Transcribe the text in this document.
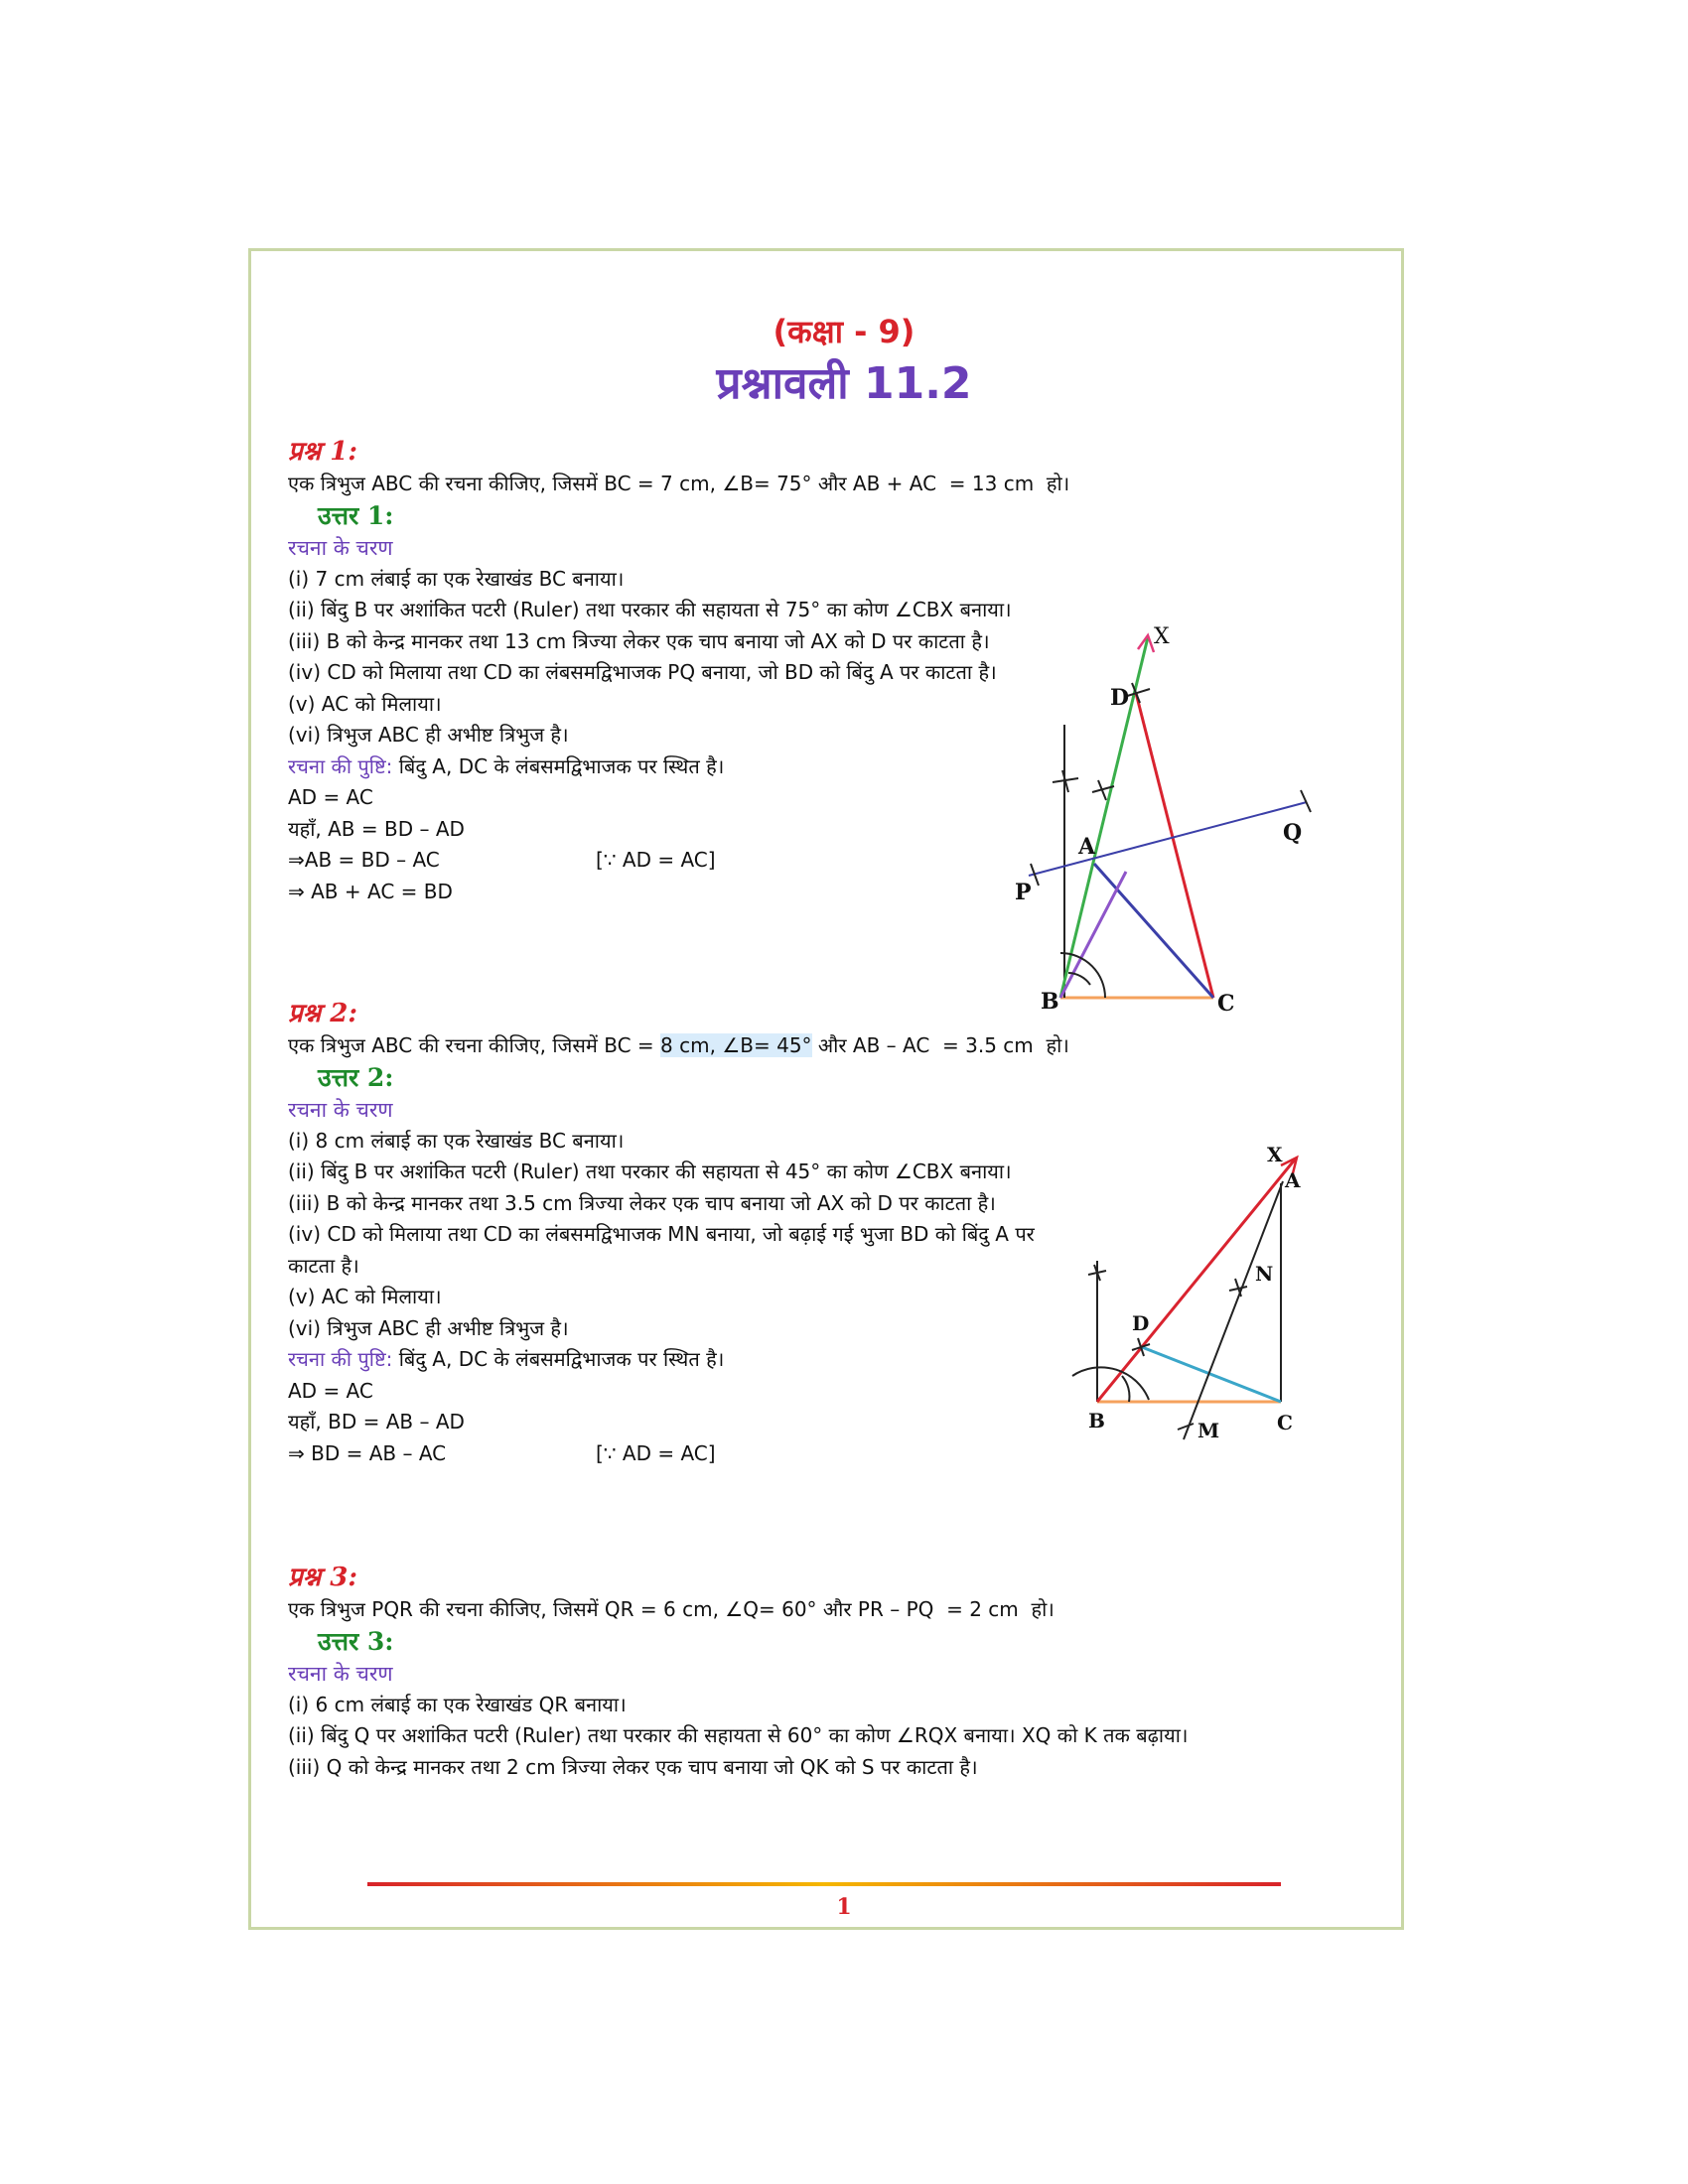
(कक्षा - 9)
प्रश्नावली 11.2
प्रश्न 1:
एक त्रिभुज ABC की रचना कीजिए, जिसमें BC = 7 cm, ∠B= 75° और AB + AC  = 13 cm  हो।
उत्तर 1:
रचना के चरण
(i) 7 cm लंबाई का एक रेखाखंड BC बनाया।
(ii) बिंदु B पर अशांकित पटरी (Ruler) तथा परकार की सहायता से 75° का कोण ∠CBX बनाया।
(iii) B को केन्द्र मानकर तथा 13 cm त्रिज्या लेकर एक चाप बनाया जो AX को D पर काटता है।
(iv) CD को मिलाया तथा CD का लंबसमद्विभाजक PQ बनाया, जो BD को बिंदु A पर काटता है।
(v) AC को मिलाया।
(vi) त्रिभुज ABC ही अभीष्ट त्रिभुज है।
रचना की पुष्टि: बिंदु A, DC के लंबसमद्विभाजक पर स्थित है।
AD = AC
यहाँ, AB = BD – AD
⇒AB = BD – AC	[∵ AD = AC]
⇒ AB + AC = BD
X
D
Q
A
P
B	C
प्रश्न 2:
एक त्रिभुज ABC की रचना कीजिए, जिसमें BC = 8 cm, ∠B= 45° और AB – AC  = 3.5 cm  हो।
उत्तर 2:
रचना के चरण
(i) 8 cm लंबाई का एक रेखाखंड BC बनाया।
(ii) बिंदु B पर अशांकित पटरी (Ruler) तथा परकार की सहायता से 45° का कोण ∠CBX बनाया।
(iii) B को केन्द्र मानकर तथा 3.5 cm त्रिज्या लेकर एक चाप बनाया जो AX को D पर काटता है।
(iv) CD को मिलाया तथा CD का लंबसमद्विभाजक MN बनाया, जो बढ़ाई गई भुजा BD को बिंदु A पर काटता है।
(v) AC को मिलाया।
(vi) त्रिभुज ABC ही अभीष्ट त्रिभुज है।
रचना की पुष्टि: बिंदु A, DC के लंबसमद्विभाजक पर स्थित है।
AD = AC
यहाँ, BD = AB – AD
⇒ BD = AB – AC	[∵ AD = AC]
X
A
N
D
B	M	C
प्रश्न 3:
एक त्रिभुज PQR की रचना कीजिए, जिसमें QR = 6 cm, ∠Q= 60° और PR – PQ  = 2 cm  हो।
उत्तर 3:
रचना के चरण
(i) 6 cm लंबाई का एक रेखाखंड QR बनाया।
(ii) बिंदु Q पर अशांकित पटरी (Ruler) तथा परकार की सहायता से 60° का कोण ∠RQX बनाया। XQ को K तक बढ़ाया।
(iii) Q को केन्द्र मानकर तथा 2 cm त्रिज्या लेकर एक चाप बनाया जो QK को S पर काटता है।
1
